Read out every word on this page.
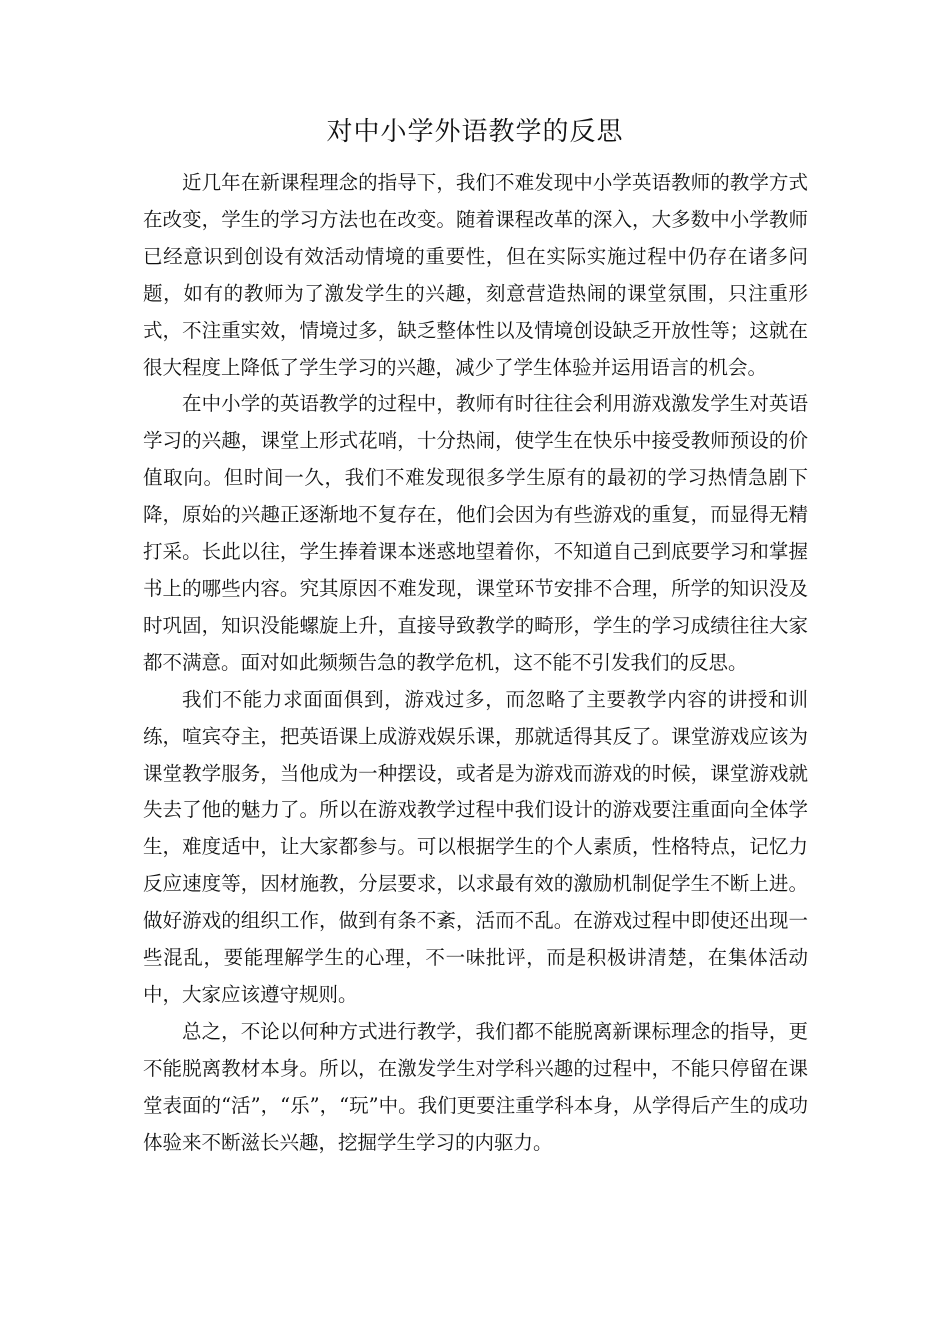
对中小学外语教学的反思

近几年在新课程理念的指导下，我们不难发现中小学英语教师的教学方式在改变，学生的学习方法也在改变。随着课程改革的深入，大多数中小学教师已经意识到创设有效活动情境的重要性，但在实际实施过程中仍存在诸多问题，如有的教师为了激发学生的兴趣，刻意营造热闹的课堂氛围，只注重形式，不注重实效，情境过多，缺乏整体性以及情境创设缺乏开放性等；这就在很大程度上降低了学生学习的兴趣，减少了学生体验并运用语言的机会。

在中小学的英语教学的过程中，教师有时往往会利用游戏激发学生对英语学习的兴趣，课堂上形式花哨，十分热闹，使学生在快乐中接受教师预设的价值取向。但时间一久，我们不难发现很多学生原有的最初的学习热情急剧下降，原始的兴趣正逐渐地不复存在，他们会因为有些游戏的重复，而显得无精打采。长此以往，学生捧着课本迷惑地望着你，不知道自己到底要学习和掌握书上的哪些内容。究其原因不难发现，课堂环节安排不合理，所学的知识没及时巩固，知识没能螺旋上升，直接导致教学的畸形，学生的学习成绩往往大家都不满意。面对如此频频告急的教学危机，这不能不引发我们的反思。

我们不能力求面面俱到，游戏过多，而忽略了主要教学内容的讲授和训练，喧宾夺主，把英语课上成游戏娱乐课，那就适得其反了。课堂游戏应该为课堂教学服务，当他成为一种摆设，或者是为游戏而游戏的时候，课堂游戏就失去了他的魅力了。所以在游戏教学过程中我们设计的游戏要注重面向全体学生，难度适中，让大家都参与。可以根据学生的个人素质，性格特点，记忆力反应速度等，因材施教，分层要求，以求最有效的激励机制促学生不断上进。做好游戏的组织工作，做到有条不紊，活而不乱。在游戏过程中即使还出现一些混乱，要能理解学生的心理，不一味批评，而是积极讲清楚，在集体活动中，大家应该遵守规则。

总之，不论以何种方式进行教学，我们都不能脱离新课标理念的指导，更不能脱离教材本身。所以，在激发学生对学科兴趣的过程中，不能只停留在课堂表面的“活”，“乐”，“玩”中。我们更要注重学科本身，从学得后产生的成功体验来不断滋长兴趣，挖掘学生学习的内驱力。
